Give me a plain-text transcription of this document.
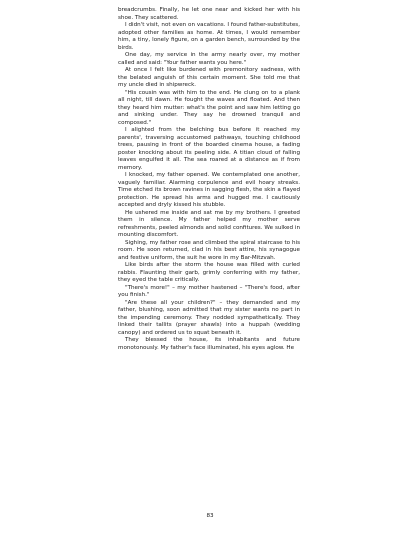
breadcrumbs. Finally, he let one near and kicked her with his shoe. They scattered.

I didn't visit, not even on vacations. I found father-substitutes, adopted other families as home. At times, I would remember him, a tiny, lonely figure, on a garden bench, surrounded by the birds.

One day, my service in the army nearly over, my mother called and said: "Your father wants you here."

At once I felt like burdened with premonitory sadness, with the belated anguish of this certain moment. She told me that my uncle died in shipwreck.

"His cousin was with him to the end. He clung on to a plank all night, till dawn. He fought the waves and floated. And then they heard him mutter: what's the point and saw him letting go and sinking under. They say he drowned tranquil and composed."

I alighted from the belching bus before it reached my parents', traversing accustomed pathways, touching childhood trees, pausing in front of the boarded cinema house, a fading poster knocking about its peeling side. A titian cloud of falling leaves engulfed it all. The sea roared at a distance as if from memory.

I knocked, my father opened. We contemplated one another, vaguely familiar. Alarming corpulence and evil hoary streaks. Time etched its brown ravines in sagging flesh, the skin a flayed protection. He spread his arms and hugged me. I cautiously accepted and dryly kissed his stubble.

He ushered me inside and sat me by my brothers. I greeted them in silence. My father helped my mother serve refreshments, peeled almonds and solid confitures. We sulked in mounting discomfort.

Sighing, my father rose and climbed the spiral staircase to his room. He soon returned, clad in his best attire, his synagogue and festive uniform, the suit he wore in my Bar-Mitzvah.

Like birds after the storm the house was filled with curled rabbis. Flaunting their garb, grimly conferring with my father, they eyed the table critically.

"There's more!" – my mother hastened – "There's food, after you finish."

"Are these all your children?" – they demanded and my father, blushing, soon admitted that my sister wants no part in the impending ceremony. They nodded sympathetically. They linked their tallits (prayer shawls) into a huppah (wedding canopy) and ordered us to squat beneath it.

They blessed the house, its inhabitants and future monotonously. My father's face illuminated, his eyes aglow. He

83
